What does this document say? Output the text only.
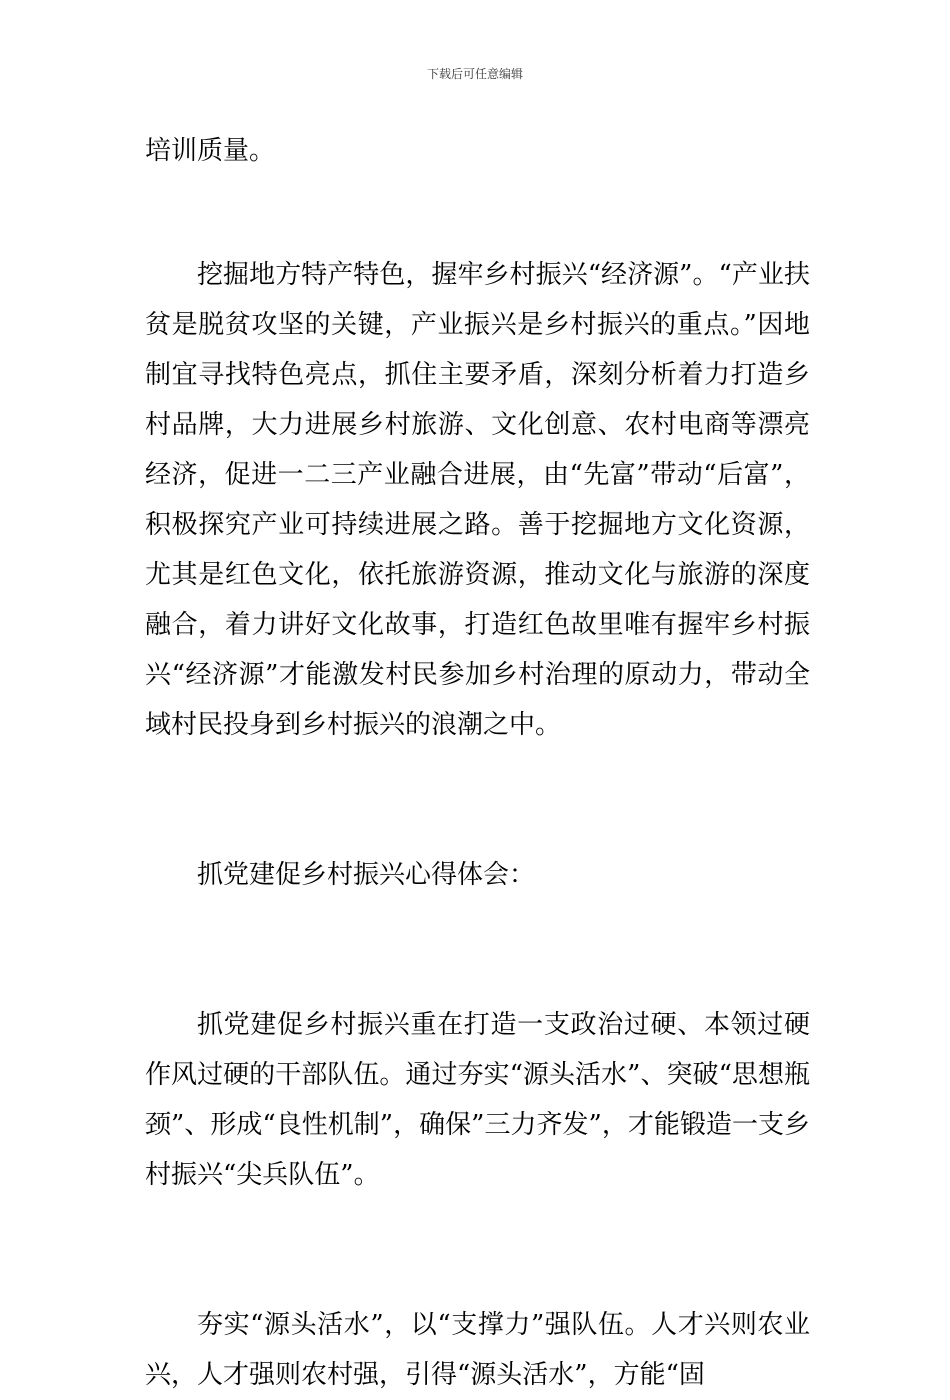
下载后可任意编辑

培训质量。

挖掘地方特产特色，握牢乡村振兴“经济源”。“产业扶贫是脱贫攻坚的关键，产业振兴是乡村振兴的重点。”因地制宜寻找特色亮点，抓住主要矛盾，深刻分析着力打造乡村品牌，大力进展乡村旅游、文化创意、农村电商等漂亮经济，促进一二三产业融合进展，由“先富”带动“后富”，积极探究产业可持续进展之路。善于挖掘地方文化资源，尤其是红色文化，依托旅游资源，推动文化与旅游的深度融合，着力讲好文化故事，打造红色故里唯有握牢乡村振兴“经济源”才能激发村民参加乡村治理的原动力，带动全域村民投身到乡村振兴的浪潮之中。

抓党建促乡村振兴心得体会：

抓党建促乡村振兴重在打造一支政治过硬、本领过硬作风过硬的干部队伍。通过夯实“源头活水”、突破“思想瓶颈”、形成“良性机制”，确保”三力齐发”，才能锻造一支乡村振兴“尖兵队伍”。

夯实“源头活水”，以“支撑力”强队伍。人才兴则农业兴，人才强则农村强，引得“源头活水”，方能“固
